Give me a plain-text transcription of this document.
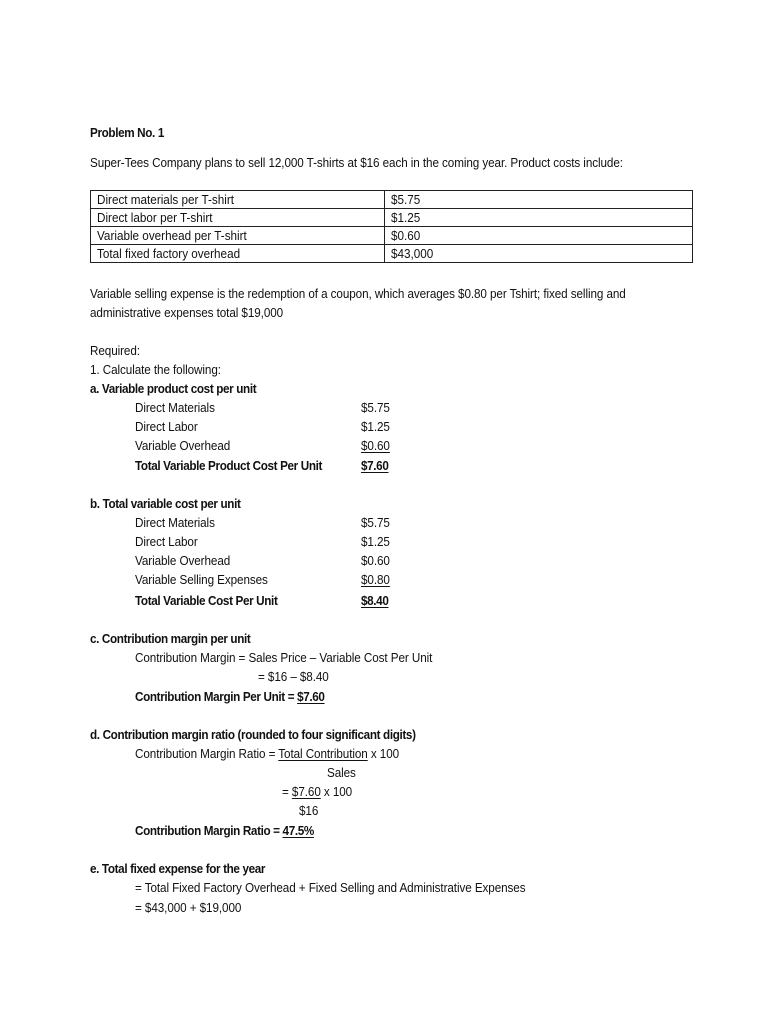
Problem No. 1
Super-Tees Company plans to sell 12,000 T-shirts at $16 each in the coming year. Product costs include:
Direct materials per T-shirt	$5.75
Direct labor per T-shirt	$1.25
Variable overhead per T-shirt	$0.60
Total fixed factory overhead	$43,000
Variable selling expense is the redemption of a coupon, which averages $0.80 per Tshirt; fixed selling and
administrative expenses total $19,000
Required:
1. Calculate the following:
a. Variable product cost per unit
Direct Materials	$5.75
Direct Labor	$1.25
Variable Overhead	$0.60
Total Variable Product Cost Per Unit	$7.60
b. Total variable cost per unit
Direct Materials	$5.75
Direct Labor	$1.25
Variable Overhead	$0.60
Variable Selling Expenses	$0.80
Total Variable Cost Per Unit	$8.40
c. Contribution margin per unit
Contribution Margin = Sales Price – Variable Cost Per Unit
= $16 – $8.40
Contribution Margin Per Unit = $7.60
d. Contribution margin ratio (rounded to four significant digits)
Contribution Margin Ratio = Total Contribution x 100
Sales
= $7.60 x 100
$16
Contribution Margin Ratio = 47.5%
e. Total fixed expense for the year
= Total Fixed Factory Overhead + Fixed Selling and Administrative Expenses
= $43,000 + $19,000
